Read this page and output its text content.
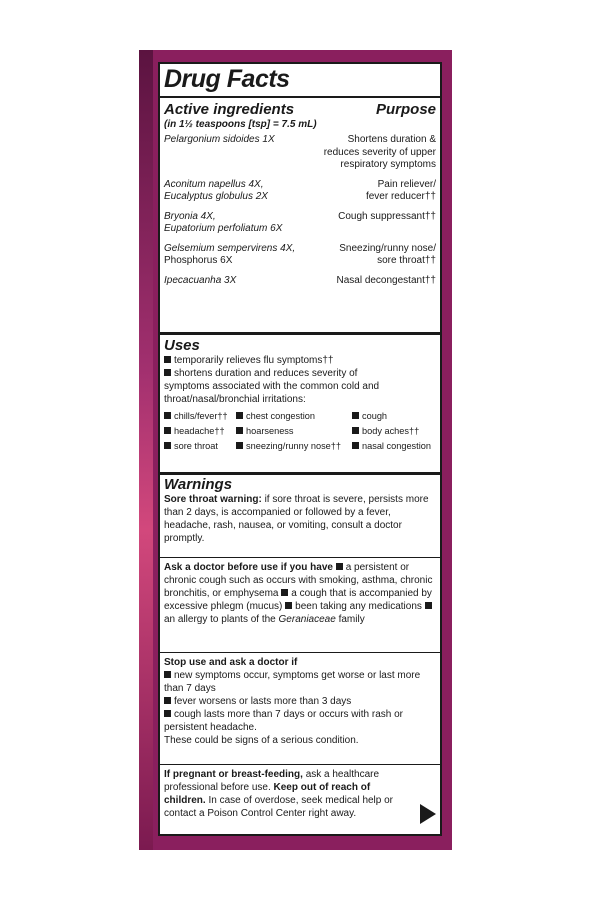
Drug Facts
Active ingredients	Purpose
(in 1½ teaspoons [tsp] = 7.5 mL)
Pelargonium sidoides 1X	Shortens duration &
reduces severity of upper
respiratory symptoms
Aconitum napellus 4X,	Pain reliever/
Eucalyptus globulus 2X	fever reducer††
Bryonia 4X,	Cough suppressant††
Eupatorium perfoliatum 6X
Gelsemium sempervirens 4X,	Sneezing/runny nose/
Phosphorus 6X	sore throat††
Ipecacuanha 3X	Nasal decongestant††
Uses
temporarily relieves flu symptoms††
shortens duration and reduces severity of
symptoms associated with the common cold and
throat/nasal/bronchial irritations:
chills/fever††	chest congestion	cough
headache††	hoarseness	body aches††
sore throat	sneezing/runny nose††	nasal congestion
Warnings
Sore throat warning: if sore throat is severe, persists more than 2 days, is accompanied or followed by a fever, headache, rash, nausea, or vomiting, consult a doctor promptly.
Ask a doctor before use if you have a persistent or chronic cough such as occurs with smoking, asthma, chronic bronchitis, or emphysema a cough that is accompanied by excessive phlegm (mucus) been taking any medications an allergy to plants of the Geraniaceae family
Stop use and ask a doctor if
new symptoms occur, symptoms get worse or last more than 7 days
fever worsens or lasts more than 3 days
cough lasts more than 7 days or occurs with rash or persistent headache.
These could be signs of a serious condition.
If pregnant or breast-feeding, ask a healthcare professional before use. Keep out of reach of children. In case of overdose, seek medical help or contact a Poison Control Center right away.
